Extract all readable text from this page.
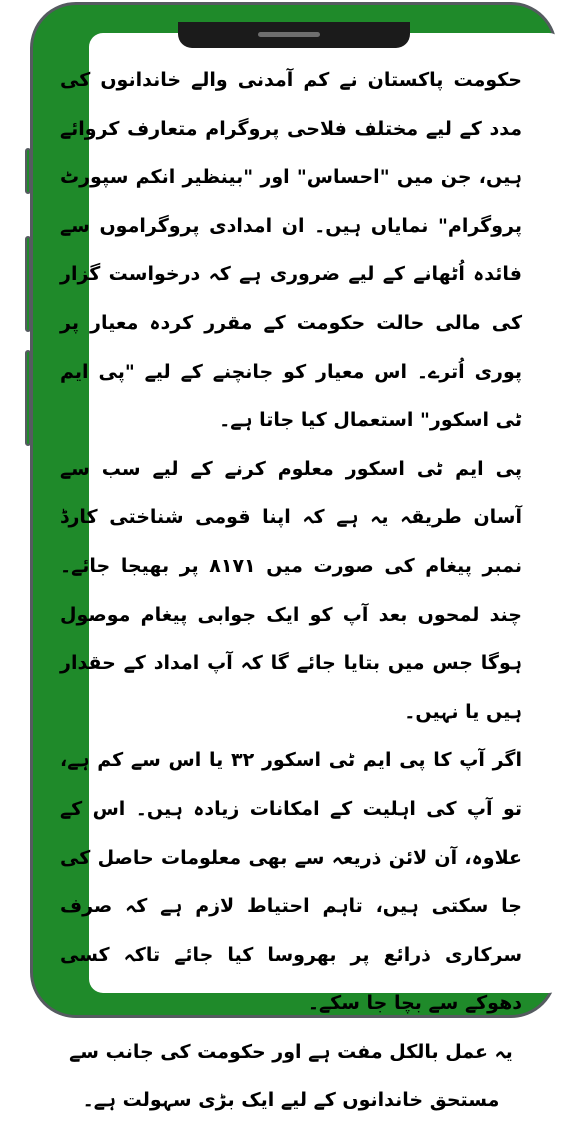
حکومت پاکستان نے کم آمدنی والے خاندانوں کی مدد کے لیے مختلف فلاحی پروگرام متعارف کروائے ہیں، جن میں "احساس" اور "بینظیر انکم سپورٹ پروگرام" نمایاں ہیں۔ ان امدادی پروگراموں سے فائدہ اُٹھانے کے لیے ضروری ہے کہ درخواست گزار کی مالی حالت حکومت کے مقرر کردہ معیار پر پوری اُترے۔ اس معیار کو جانچنے کے لیے "پی ایم ٹی اسکور" استعمال کیا جاتا ہے۔

پی ایم ٹی اسکور معلوم کرنے کے لیے سب سے آسان طریقہ یہ ہے کہ اپنا قومی شناختی کارڈ نمبر پیغام کی صورت میں ۸۱۷۱ پر بھیجا جائے۔ چند لمحوں بعد آپ کو ایک جوابی پیغام موصول ہوگا جس میں بتایا جائے گا کہ آپ امداد کے حقدار ہیں یا نہیں۔

اگر آپ کا پی ایم ٹی اسکور ۳۲ یا اس سے کم ہے، تو آپ کی اہلیت کے امکانات زیادہ ہیں۔ اس کے علاوہ، آن لائن ذریعہ سے بھی معلومات حاصل کی جا سکتی ہیں، تاہم احتیاط لازم ہے کہ صرف سرکاری ذرائع پر بھروسا کیا جائے تاکہ کسی دھوکے سے بچا جا سکے۔

یہ عمل بالکل مفت ہے اور حکومت کی جانب سے مستحق خاندانوں کے لیے ایک بڑی سہولت ہے۔
